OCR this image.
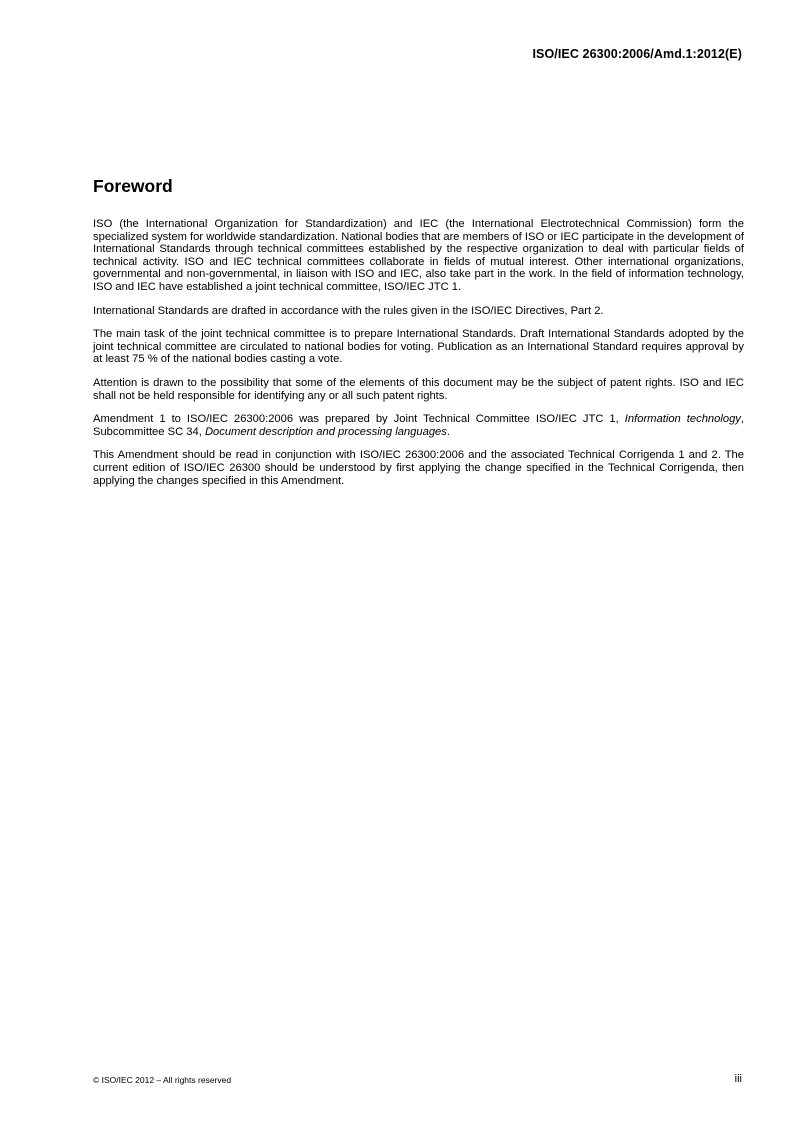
ISO/IEC 26300:2006/Amd.1:2012(E)
Foreword

ISO (the International Organization for Standardization) and IEC (the International Electrotechnical Commission) form the specialized system for worldwide standardization. National bodies that are members of ISO or IEC participate in the development of International Standards through technical committees established by the respective organization to deal with particular fields of technical activity. ISO and IEC technical committees collaborate in fields of mutual interest. Other international organizations, governmental and non-governmental, in liaison with ISO and IEC, also take part in the work. In the field of information technology, ISO and IEC have established a joint technical committee, ISO/IEC JTC 1.

International Standards are drafted in accordance with the rules given in the ISO/IEC Directives, Part 2.

The main task of the joint technical committee is to prepare International Standards. Draft International Standards adopted by the joint technical committee are circulated to national bodies for voting. Publication as an International Standard requires approval by at least 75 % of the national bodies casting a vote.

Attention is drawn to the possibility that some of the elements of this document may be the subject of patent rights. ISO and IEC shall not be held responsible for identifying any or all such patent rights.

Amendment 1 to ISO/IEC 26300:2006 was prepared by Joint Technical Committee ISO/IEC JTC 1, Information technology, Subcommittee SC 34, Document description and processing languages.

This Amendment should be read in conjunction with ISO/IEC 26300:2006 and the associated Technical Corrigenda 1 and 2. The current edition of ISO/IEC 26300 should be understood by first applying the change specified in the Technical Corrigenda, then applying the changes specified in this Amendment.

© ISO/IEC 2012 – All rights reserved	iii
